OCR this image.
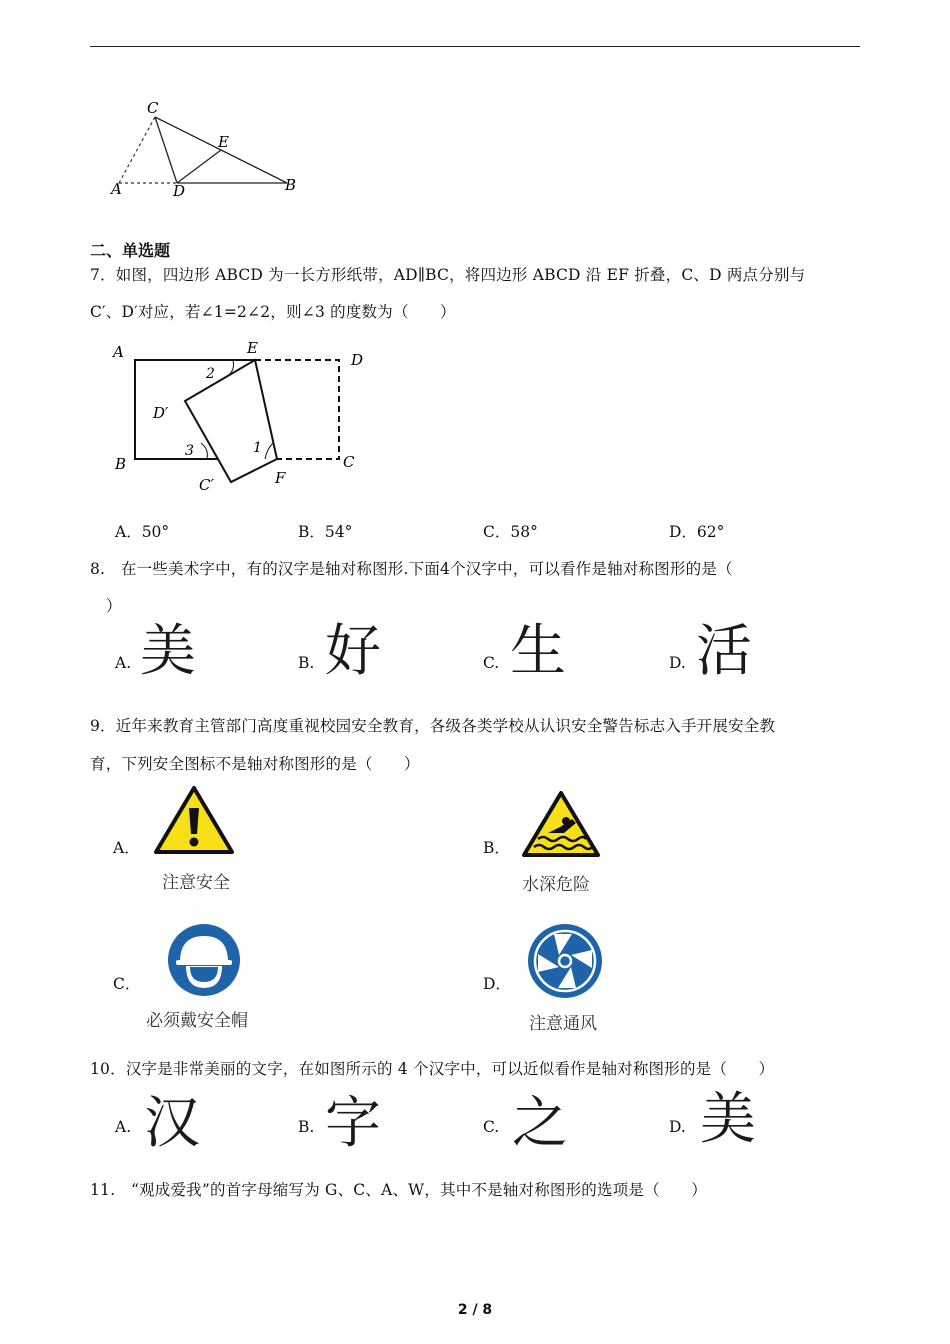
C
E
A	D	B
二、单选题
7．如图，四边形 ABCD 为一长方形纸带，AD∥BC，将四边形 ABCD 沿 EF 折叠，C、D 两点分别与
C′、D′对应，若∠1=2∠2，则∠3 的度数为（　　）
A	E
D
D′
B	C
C′	F
1
2
3
A．50°	B．54°	C．58°	D．62°
8.　在一些美术字中，有的汉字是轴对称图形.下面4个汉字中，可以看作是轴对称图形的是（
）
A. 美	B. 好	C. 生	D. 活
9．近年来教育主管部门高度重视校园安全教育，各级各类学校从认识安全警告标志入手开展安全教
育，下列安全图标不是轴对称图形的是（　　）
A．
注意安全
B．
水深危险
C．
必须戴安全帽
D．
注意通风
10．汉字是非常美丽的文字，在如图所示的 4 个汉字中，可以近似看作是轴对称图形的是（　　）
A. 汉	B. 字	C. 之	D. 美
11.　“观成爱我”的首字母缩写为 G、C、A、W，其中不是轴对称图形的选项是（　　）
2 / 8
